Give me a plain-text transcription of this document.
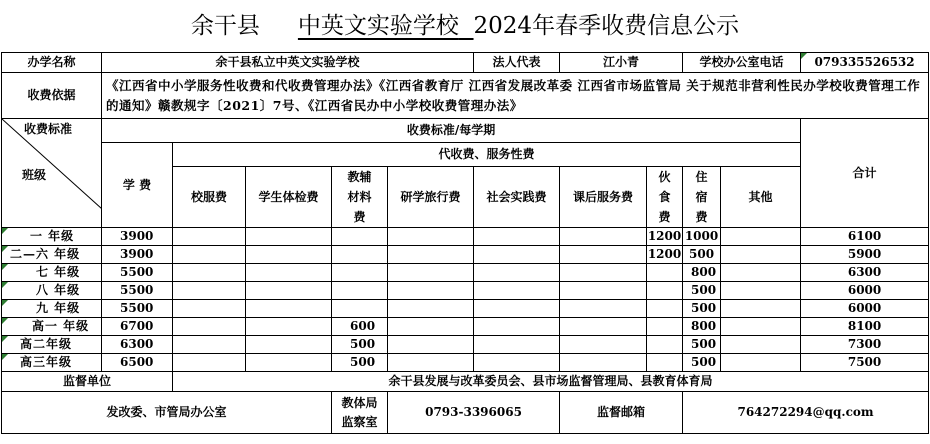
余干县 中英文实验学校 2024年春季收费信息公示
办学名称	余干县私立中英文实验学校					法人代表	江小青		学校办公室电话		079335526532
收费依据	《江西省中小学服务性收费和代收费管理办法》《江西省教育厅 江西省发展改革委 江西省市场监管局 关于规范非营利性民办学校收费管理工作的通知》赣教规字〔2021〕7号、《江西省民办中小学校收费管理办法》										

收费标准
班级	收费标准/每学期										合计
	学 费	代收费、服务性费									
		校服费	学生体检费	教辅材料费	研学旅行费	社会实践费	课后服务费	伙食费	住宿费	其他	
一 年级	3900							1200	1000		6100
二—六 年级	3900							1200	500		5900
七 年级	5500								800		6300
八 年级	5500								500		6000
九 年级	5500								500		6000
高一 年级	6700			600					800		8100
高二年级	6300			500					500		7300
高三年级	6500			500					500		7500
监督单位		余干县发展与改革委员会、县市场监督管理局、县教育体育局									
发改委、市管局办公室				教体局监察室	0793-3396065		监督邮箱		764272294@qq.com		
